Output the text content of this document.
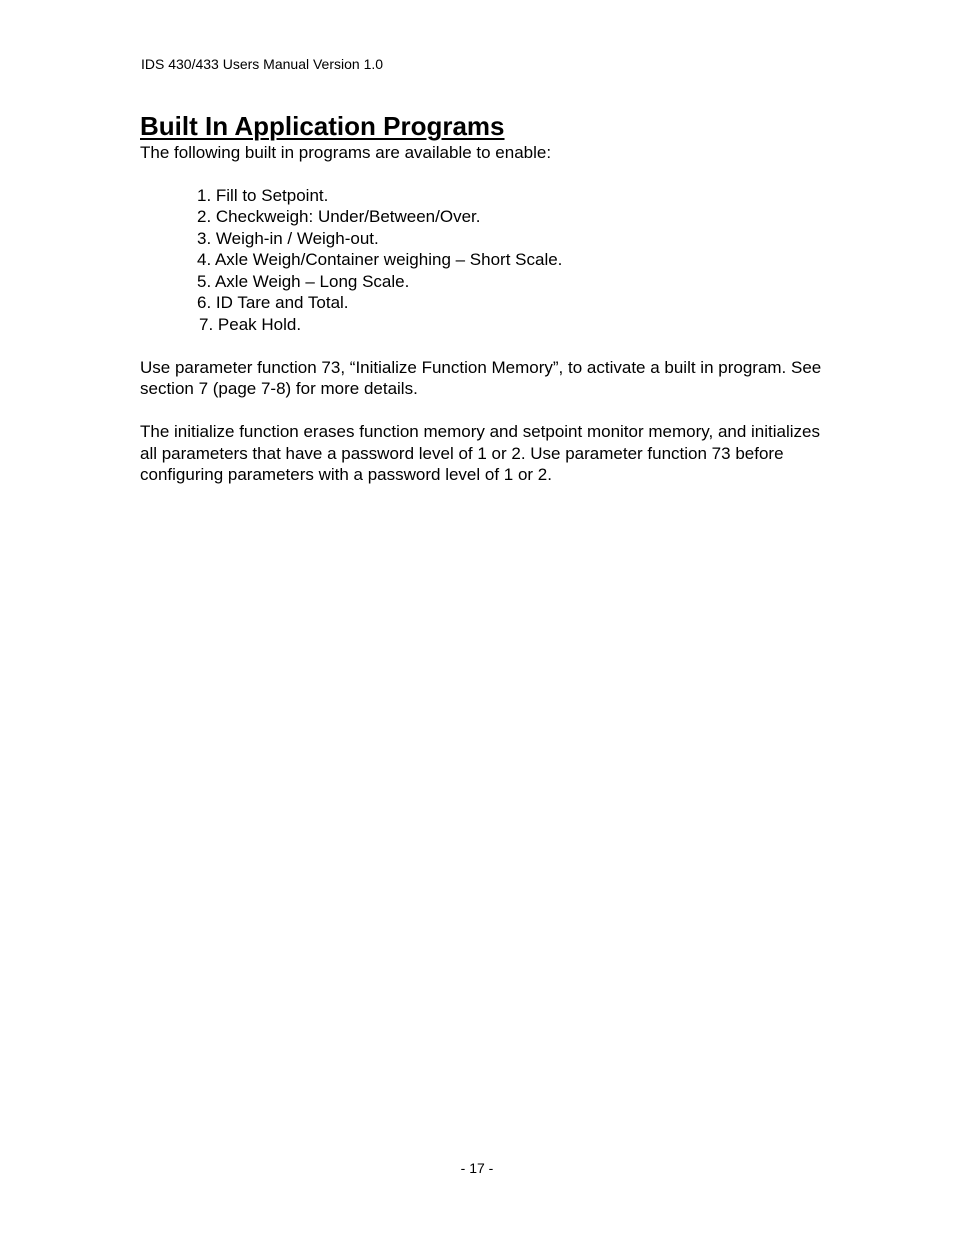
IDS 430/433 Users Manual Version 1.0
Built In Application Programs

The following built in programs are available to enable:

1. Fill to Setpoint.
2. Checkweigh: Under/Between/Over.
3. Weigh-in / Weigh-out.
4. Axle Weigh/Container weighing – Short Scale.
5. Axle Weigh – Long Scale.
6. ID Tare and Total.
7. Peak Hold.

Use parameter function 73, “Initialize Function Memory”, to activate a built in program. See section 7 (page 7-8) for more details.

The initialize function erases function memory and setpoint monitor memory, and initializes all parameters that have a password level of 1 or 2. Use parameter function 73 before configuring parameters with a password level of 1 or 2.

- 17 -
